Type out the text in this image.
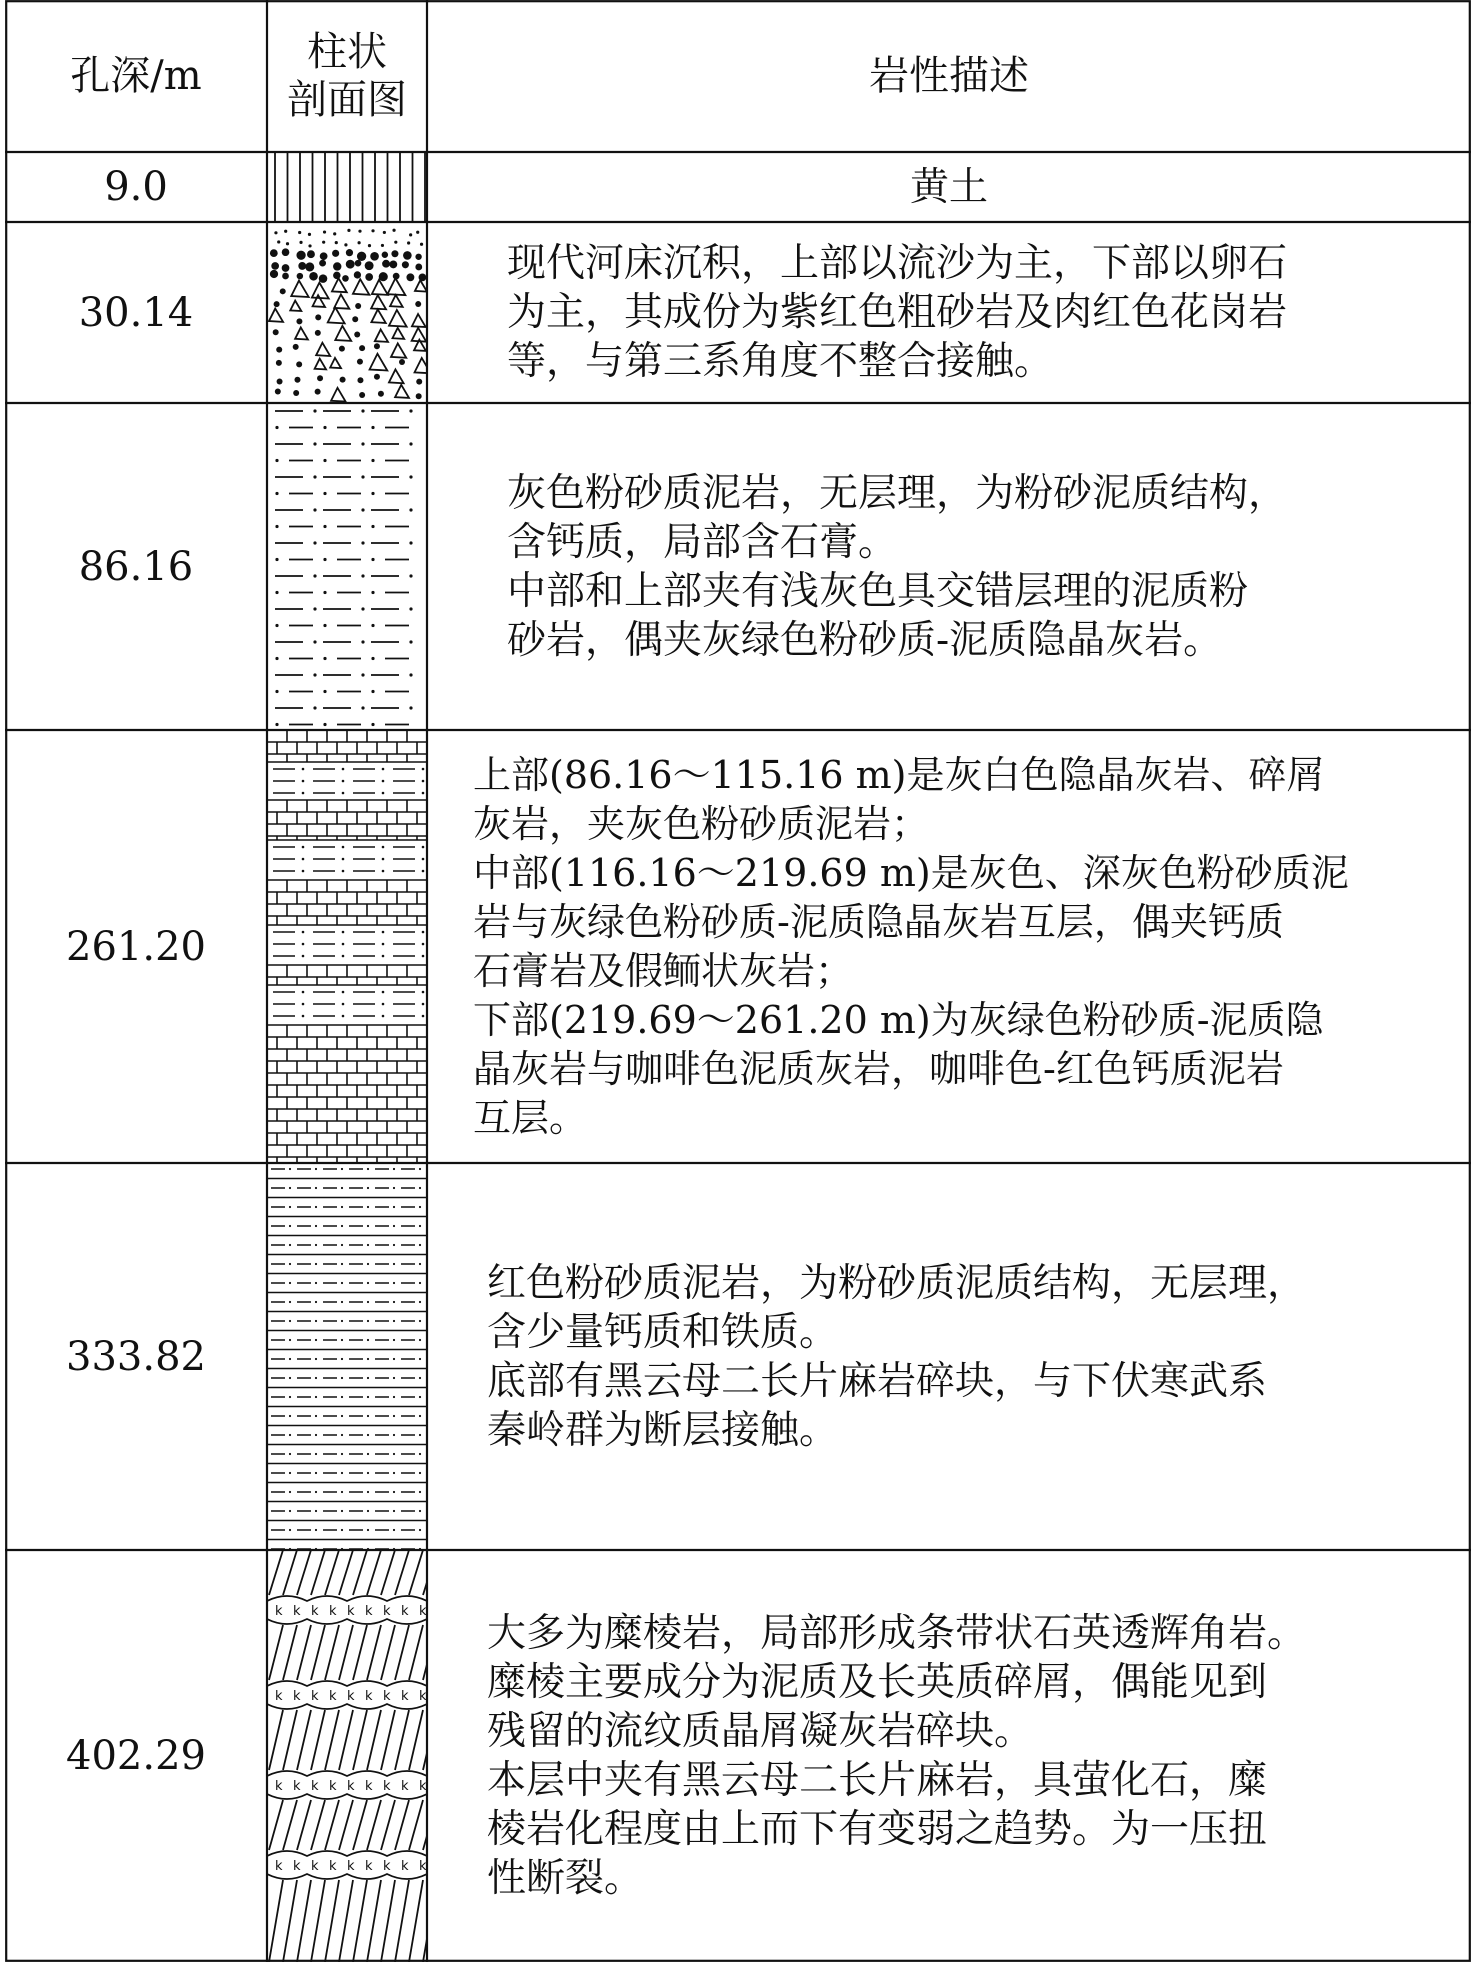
孔深/m
柱状
剖面图
岩性描述
9.0
30.14
86.16
261.20
333.82
402.29
k k k k k k k k k
k k k k k k k k k
k k k k k k k k k
k k k k k k k k k
黄土
现代河床沉积，上部以流沙为主，下部以卵石
为主，其成份为紫红色粗砂岩及肉红色花岗岩
等，与第三系角度不整合接触。
灰色粉砂质泥岩，无层理，为粉砂泥质结构，
含钙质，局部含石膏。
中部和上部夹有浅灰色具交错层理的泥质粉
砂岩，偶夹灰绿色粉砂质-泥质隐晶灰岩。
上部(86.16～115.16 m)是灰白色隐晶灰岩、碎屑
灰岩，夹灰色粉砂质泥岩；
中部(116.16～219.69 m)是灰色、深灰色粉砂质泥
岩与灰绿色粉砂质-泥质隐晶灰岩互层，偶夹钙质
石膏岩及假鲕状灰岩；
下部(219.69～261.20 m)为灰绿色粉砂质-泥质隐
晶灰岩与咖啡色泥质灰岩，咖啡色-红色钙质泥岩
互层。
红色粉砂质泥岩，为粉砂质泥质结构，无层理，
含少量钙质和铁质。
底部有黑云母二长片麻岩碎块，与下伏寒武系
秦岭群为断层接触。
大多为糜棱岩，局部形成条带状石英透辉角岩。
糜棱主要成分为泥质及长英质碎屑，偶能见到
残留的流纹质晶屑凝灰岩碎块。
本层中夹有黑云母二长片麻岩，具萤化石，糜
棱岩化程度由上而下有变弱之趋势。为一压扭
性断裂。
